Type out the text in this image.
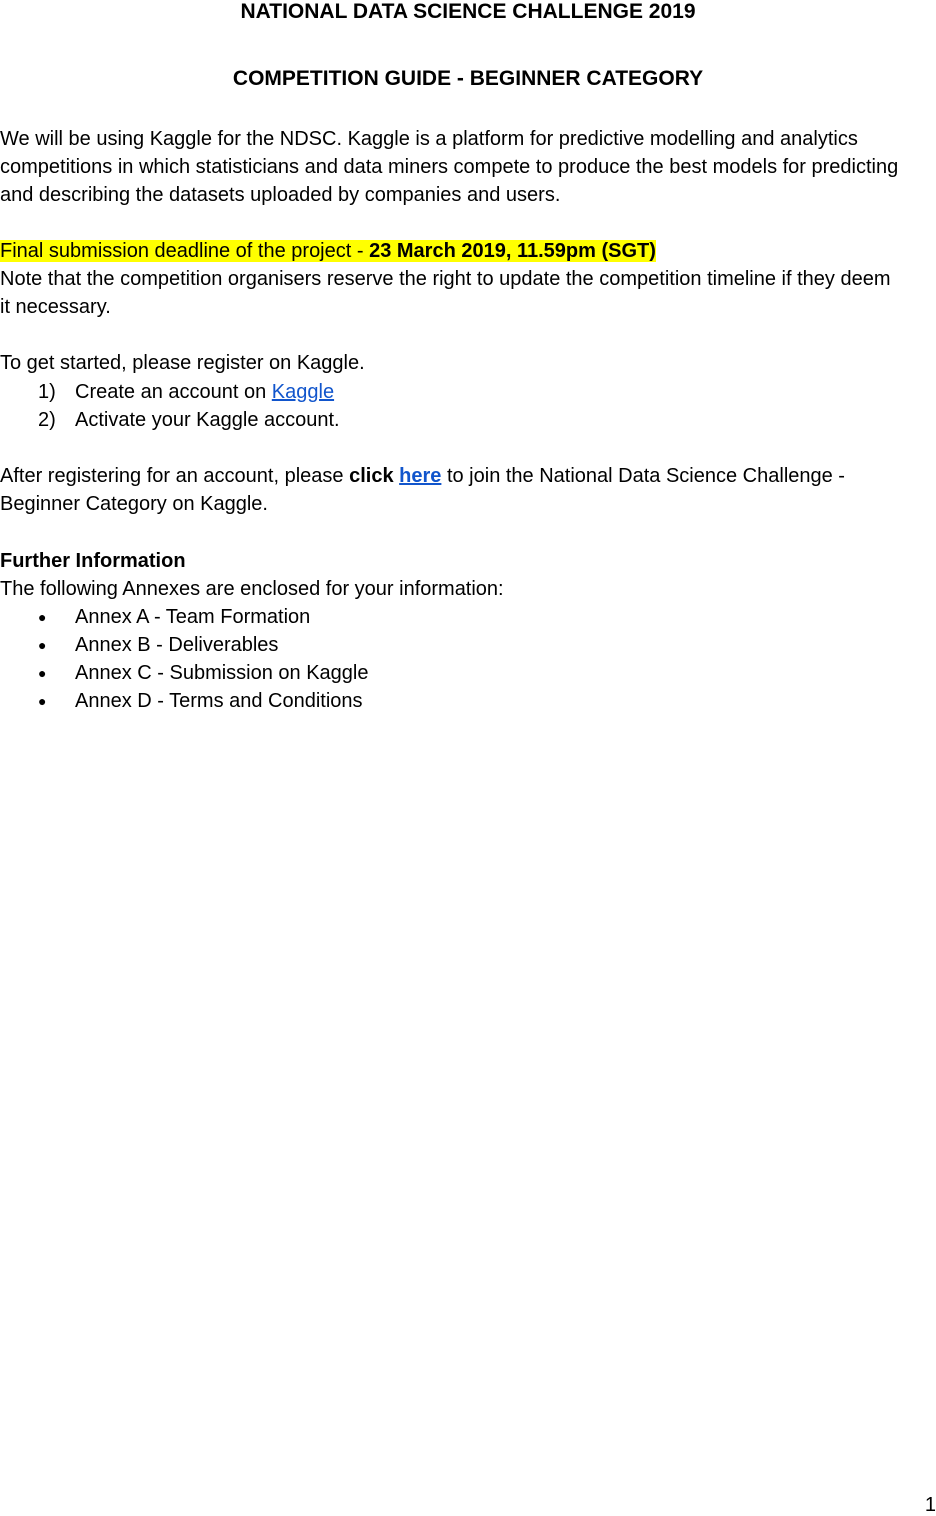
NATIONAL DATA SCIENCE CHALLENGE 2019
COMPETITION GUIDE - BEGINNER CATEGORY
We will be using Kaggle for the NDSC. Kaggle is a platform for predictive modelling and analytics
competitions in which statisticians and data miners compete to produce the best models for predicting
and describing the datasets uploaded by companies and users.
Final submission deadline of the project - 23 March 2019, 11.59pm (SGT)
Note that the competition organisers reserve the right to update the competition timeline if they deem
it necessary.
To get started, please register on Kaggle.
1) Create an account on Kaggle
2) Activate your Kaggle account.
After registering for an account, please click here to join the National Data Science Challenge -
Beginner Category on Kaggle.
Further Information
The following Annexes are enclosed for your information:
● Annex A - Team Formation
● Annex B - Deliverables
● Annex C - Submission on Kaggle
● Annex D - Terms and Conditions
1
